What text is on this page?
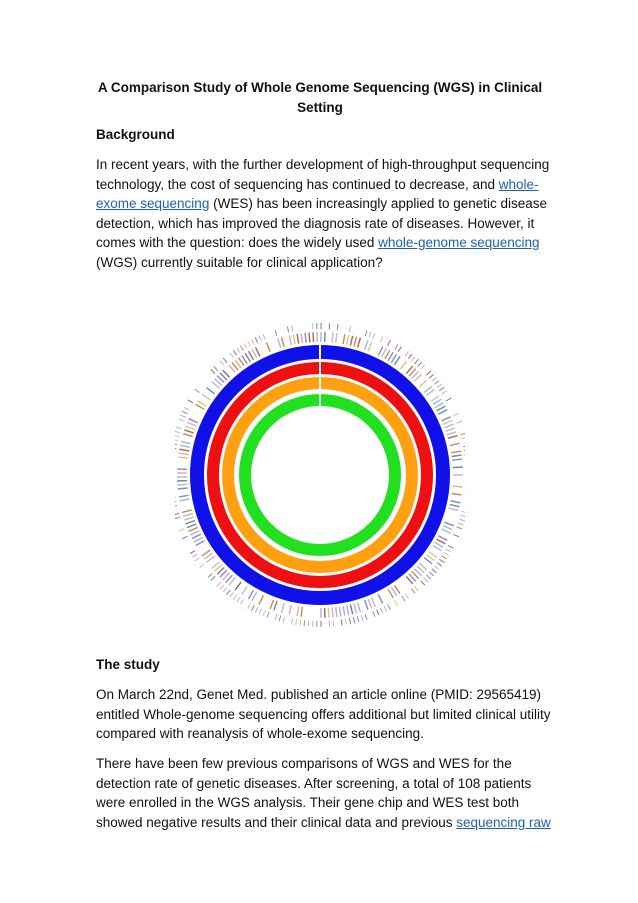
A Comparison Study of Whole Genome Sequencing (WGS) in Clinical
Setting
Background
In recent years, with the further development of high-throughput sequencing
technology, the cost of sequencing has continued to decrease, and whole-
exome sequencing (WES) has been increasingly applied to genetic disease
detection, which has improved the diagnosis rate of diseases. However, it
comes with the question: does the widely used whole-genome sequencing
(WGS) currently suitable for clinical application?
The study
On March 22nd, Genet Med. published an article online (PMID: 29565419)
entitled Whole-genome sequencing offers additional but limited clinical utility
compared with reanalysis of whole-exome sequencing.
There have been few previous comparisons of WGS and WES for the
detection rate of genetic diseases. After screening, a total of 108 patients
were enrolled in the WGS analysis. Their gene chip and WES test both
showed negative results and their clinical data and previous sequencing raw
